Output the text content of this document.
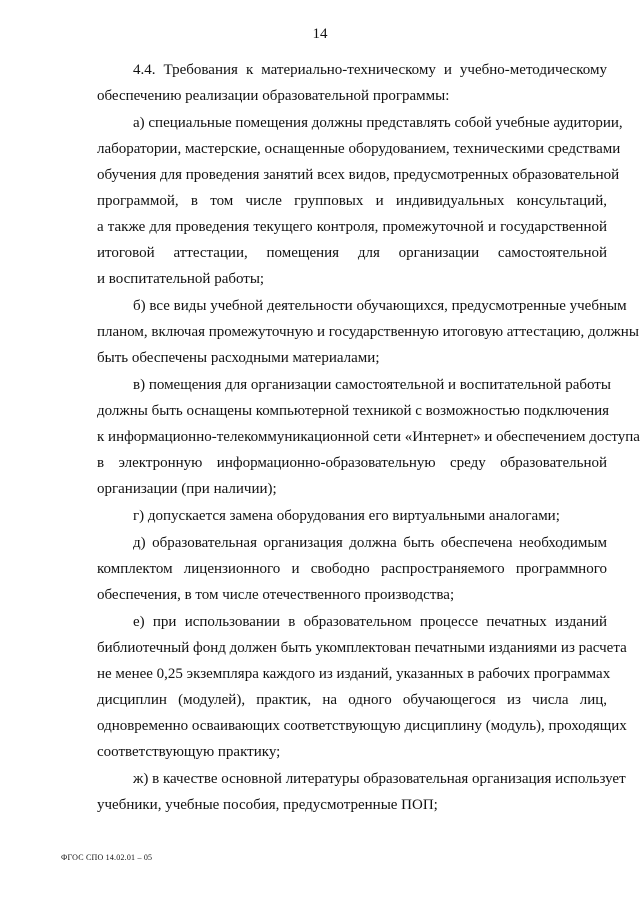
14
4.4. Требования к материально-техническому и учебно-методическому
обеспечению реализации образовательной программы:
а) специальные помещения должны представлять собой учебные аудитории,
лаборатории, мастерские, оснащенные оборудованием, техническими средствами
обучения для проведения занятий всех видов, предусмотренных образовательной
программой, в том числе групповых и индивидуальных консультаций,
а также для проведения текущего контроля, промежуточной и государственной
итоговой аттестации, помещения для организации самостоятельной
и воспитательной работы;
б) все виды учебной деятельности обучающихся, предусмотренные учебным
планом, включая промежуточную и государственную итоговую аттестацию, должны
быть обеспечены расходными материалами;
в) помещения для организации самостоятельной и воспитательной работы
должны быть оснащены компьютерной техникой с возможностью подключения
к информационно-телекоммуникационной сети «Интернет» и обеспечением доступа
в электронную информационно-образовательную среду образовательной
организации (при наличии);
г) допускается замена оборудования его виртуальными аналогами;
д) образовательная организация должна быть обеспечена необходимым
комплектом лицензионного и свободно распространяемого программного
обеспечения, в том числе отечественного производства;
е) при использовании в образовательном процессе печатных изданий
библиотечный фонд должен быть укомплектован печатными изданиями из расчета
не менее 0,25 экземпляра каждого из изданий, указанных в рабочих программах
дисциплин (модулей), практик, на одного обучающегося из числа лиц,
одновременно осваивающих соответствующую дисциплину (модуль), проходящих
соответствующую практику;
ж) в качестве основной литературы образовательная организация использует
учебники, учебные пособия, предусмотренные ПОП;
ФГОС СПО 14.02.01 – 05
